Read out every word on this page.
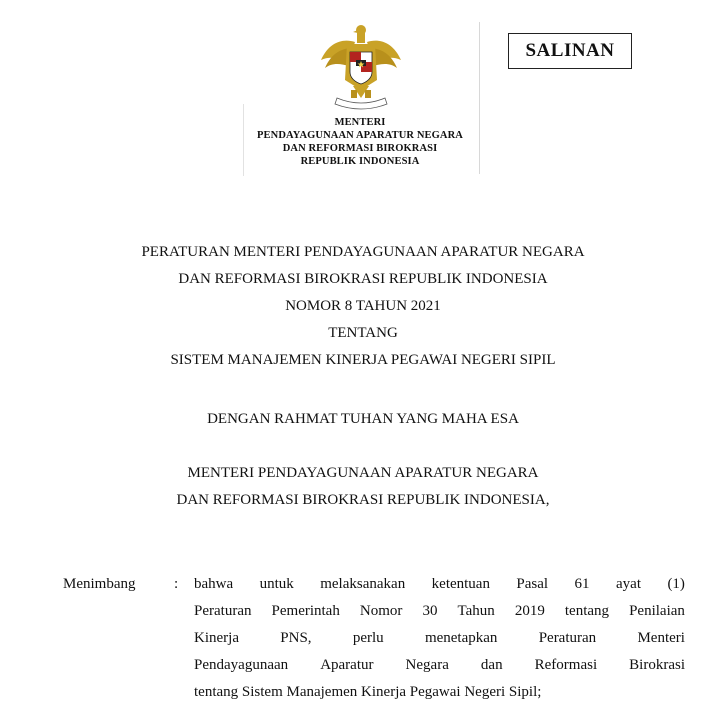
MENTERI
PENDAYAGUNAAN APARATUR NEGARA
DAN REFORMASI BIROKRASI
REPUBLIK INDONESIA
SALINAN
PERATURAN MENTERI PENDAYAGUNAAN APARATUR NEGARA
DAN REFORMASI BIROKRASI REPUBLIK INDONESIA
NOMOR 8 TAHUN 2021
TENTANG
SISTEM MANAJEMEN KINERJA PEGAWAI NEGERI SIPIL
DENGAN RAHMAT TUHAN YANG MAHA ESA
MENTERI PENDAYAGUNAAN APARATUR NEGARA
DAN REFORMASI BIROKRASI REPUBLIK INDONESIA,
Menimbang	: bahwa untuk melaksanakan ketentuan Pasal 61 ayat (1)
Peraturan Pemerintah Nomor 30 Tahun 2019 tentang Penilaian
Kinerja	PNS,	perlu	menetapkan	Peraturan	Menteri
Pendayagunaan Aparatur Negara dan Reformasi Birokrasi
tentang Sistem Manajemen Kinerja Pegawai Negeri Sipil;
